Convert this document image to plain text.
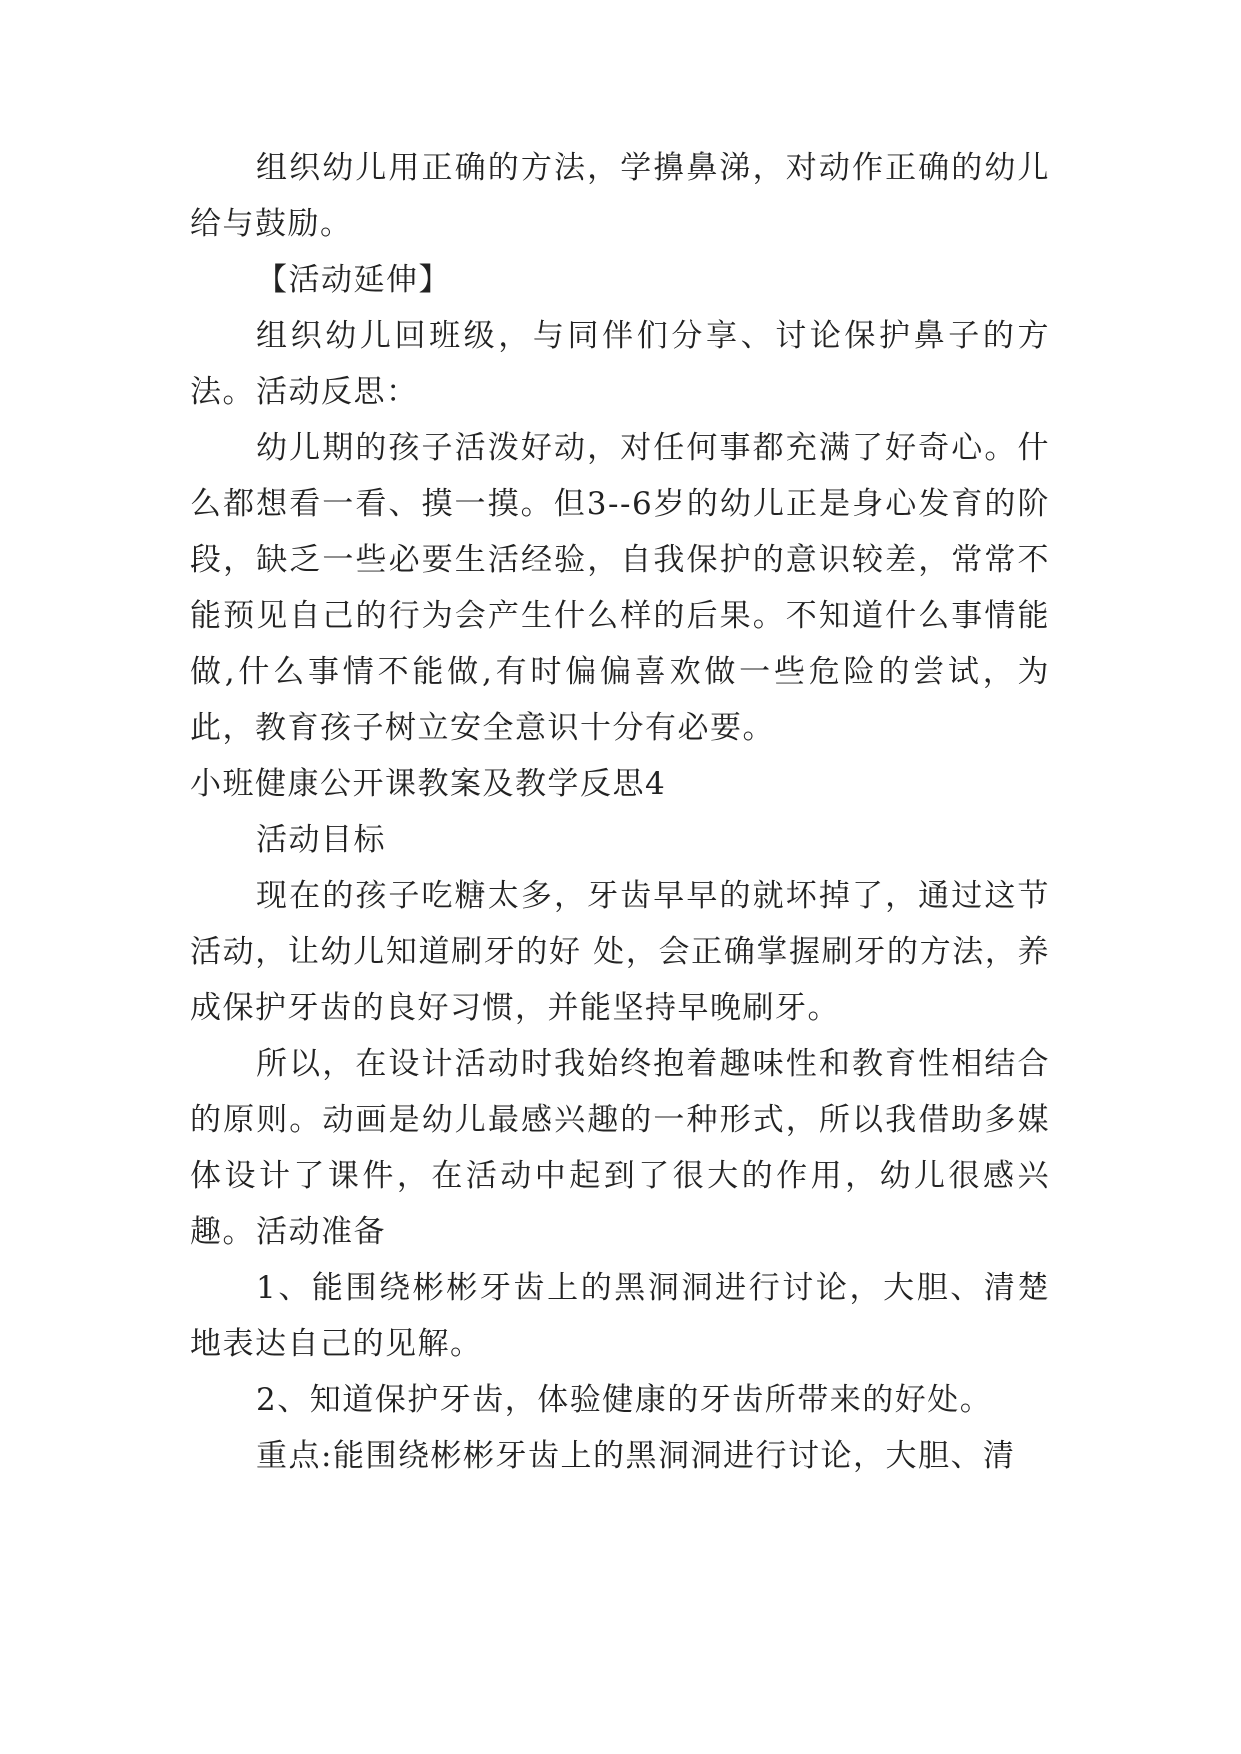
组织幼儿用正确的方法，学擤鼻涕，对动作正确的幼儿给与鼓励。

【活动延伸】

组织幼儿回班级，与同伴们分享、讨论保护鼻子的方法。 活动反思：

幼儿期的孩子活泼好动，对任何事都充满了好奇心。什么都想看一看、摸一摸。但3--6岁的幼儿正是身心发育的阶段，缺乏一些必要生活经验，自我保护的意识较差，常常不能预见自己的行为会产生什么样的后果。不知道什么事情能做,什么事情不能做,有时偏偏喜欢做一些危险的尝试，为此，教育孩子树立安全意识十分有必要。

小班健康公开课教案及教学反思4

活动目标

现在的孩子吃糖太多，牙齿早早的就坏掉了，通过这节活动，让幼儿知道刷牙的好 处，会正确掌握刷牙的方法，养成保护牙齿的良好习惯，并能坚持早晚刷牙。

所以，在设计活动时我始终抱着趣味性和教育性相结合的原则。动画是幼儿最感兴趣的一种形式，所以我借助多媒体设计了课件，在活动中起到了很大的作用，幼儿很感兴趣。 活动准备

1、能围绕彬彬牙齿上的黑洞洞进行讨论，大胆、清楚地表达自己的见解。

2、知道保护牙齿，体验健康的牙齿所带来的好处。

重点:能围绕彬彬牙齿上的黑洞洞进行讨论，大胆、清
